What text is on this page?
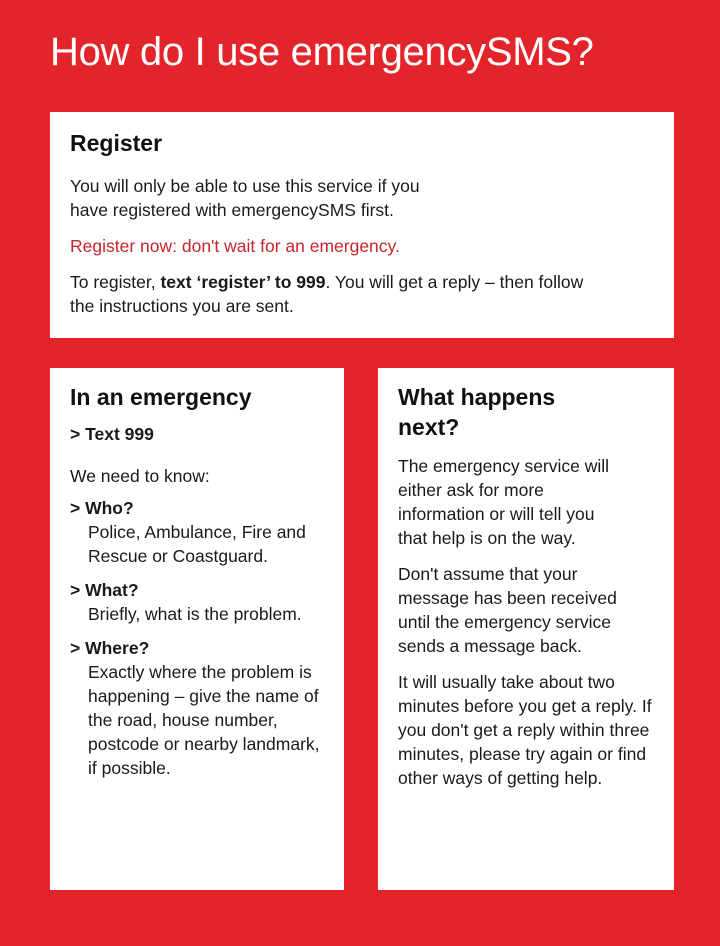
How do I use emergencySMS?
Register

You will only be able to use this service if you have registered with emergencySMS first.

Register now: don't wait for an emergency.

To register, text ‘register’ to 999. You will get a reply – then follow the instructions you are sent.

In an emergency

> Text 999

We need to know:

> Who?
Police, Ambulance, Fire and Rescue or Coastguard.
> What?
Briefly, what is the problem.
> Where?
Exactly where the problem is happening – give the name of the road, house number, postcode or nearby landmark, if possible.
What happens next?

The emergency service will either ask for more information or will tell you that help is on the way.

Don't assume that your message has been received until the emergency service sends a message back.

It will usually take about two minutes before you get a reply. If you don't get a reply within three minutes, please try again or find other ways of getting help.
